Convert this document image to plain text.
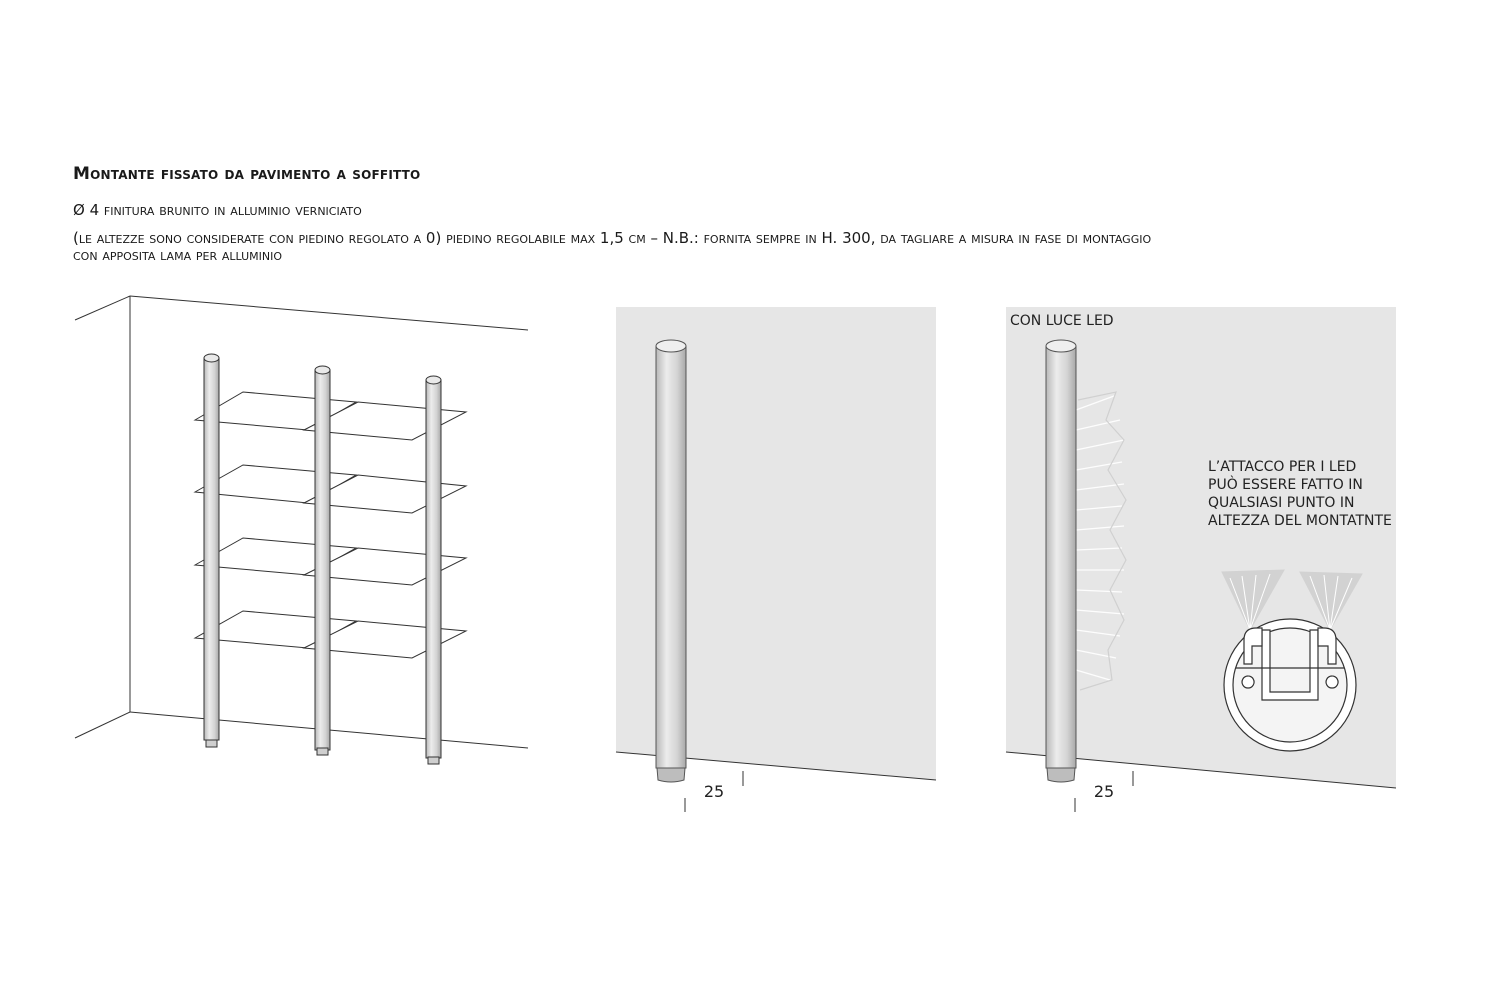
Montante fissato da pavimento a soffitto

Ø 4 finitura brunito in alluminio verniciato

(le altezze sono considerate con piedino regolato a 0) piedino regolabile max 1,5 cm – N.B.: fornita sempre in H. 300, da tagliare a misura in fase di montaggio

con apposita lama per alluminio

25
CON LUCE LED
L’ATTACCO PER I LED
PUÒ ESSERE FATTO IN
QUALSIASI PUNTO IN
ALTEZZA DEL MONTATNTE
25
